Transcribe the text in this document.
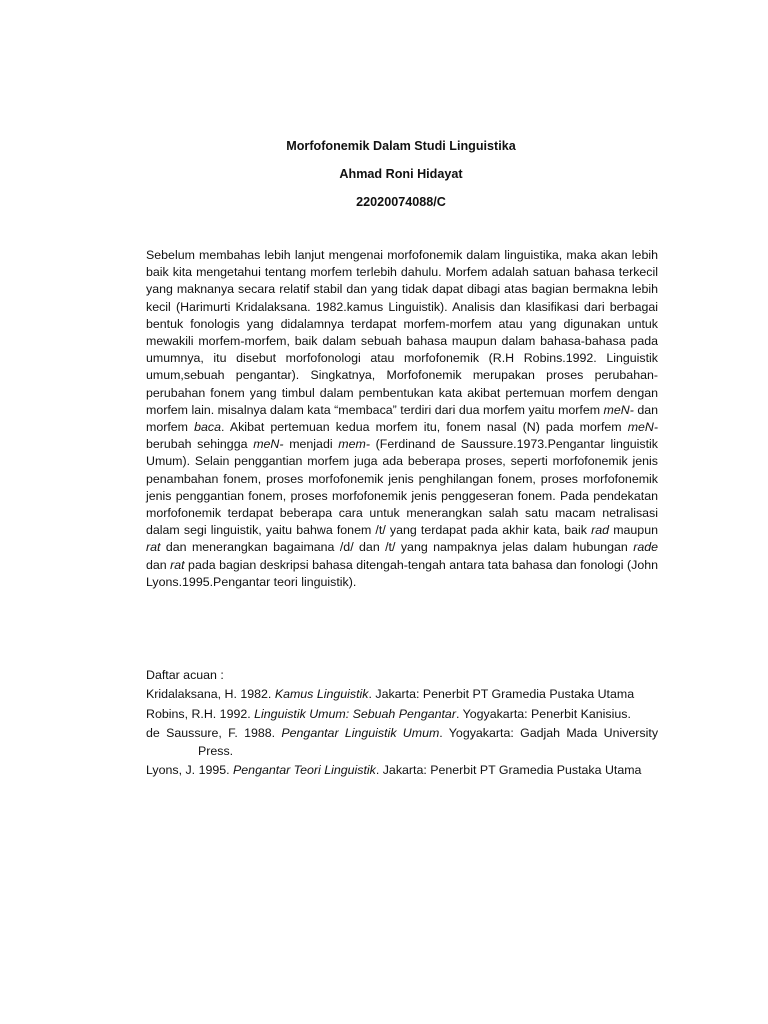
Morfofonemik Dalam Studi Linguistika
Ahmad Roni Hidayat
22020074088/C

Sebelum membahas lebih lanjut mengenai morfofonemik dalam linguistika, maka akan lebih baik kita mengetahui tentang morfem terlebih dahulu. Morfem adalah satuan bahasa terkecil yang maknanya secara relatif stabil dan yang tidak dapat dibagi atas bagian bermakna lebih kecil (Harimurti Kridalaksana. 1982.kamus Linguistik). Analisis dan klasifikasi dari berbagai bentuk fonologis yang didalamnya terdapat morfem-morfem atau yang digunakan untuk mewakili morfem-morfem, baik dalam sebuah bahasa maupun dalam bahasa-bahasa pada umumnya, itu disebut morfofonologi atau morfofonemik (R.H Robins.1992. Linguistik umum,sebuah pengantar). Singkatnya, Morfofonemik merupakan proses perubahan-perubahan fonem yang timbul dalam pembentukan kata akibat pertemuan morfem dengan morfem lain. misalnya dalam kata “membaca” terdiri dari dua morfem yaitu morfem meN- dan morfem baca. Akibat pertemuan kedua morfem itu, fonem nasal (N) pada morfem meN- berubah sehingga meN- menjadi mem- (Ferdinand de Saussure.1973.Pengantar linguistik Umum). Selain penggantian morfem juga ada beberapa proses, seperti morfofonemik jenis penambahan fonem, proses morfofonemik jenis penghilangan fonem, proses morfofonemik jenis penggantian fonem, proses morfofonemik jenis penggeseran fonem. Pada pendekatan morfofonemik terdapat beberapa cara untuk menerangkan salah satu macam netralisasi dalam segi linguistik, yaitu bahwa fonem /t/ yang terdapat pada akhir kata, baik rad maupun rat dan menerangkan bagaimana /d/ dan /t/ yang nampaknya jelas dalam hubungan rade dan rat pada bagian deskripsi bahasa ditengah-tengah antara tata bahasa dan fonologi (John Lyons.1995.Pengantar teori linguistik).

Daftar acuan :
Kridalaksana, H. 1982. Kamus Linguistik. Jakarta: Penerbit PT Gramedia Pustaka Utama
Robins, R.H. 1992. Linguistik Umum: Sebuah Pengantar. Yogyakarta: Penerbit Kanisius.
de Saussure, F. 1988. Pengantar Linguistik Umum. Yogyakarta: Gadjah Mada University Press.
Lyons, J. 1995. Pengantar Teori Linguistik. Jakarta: Penerbit PT Gramedia Pustaka Utama
